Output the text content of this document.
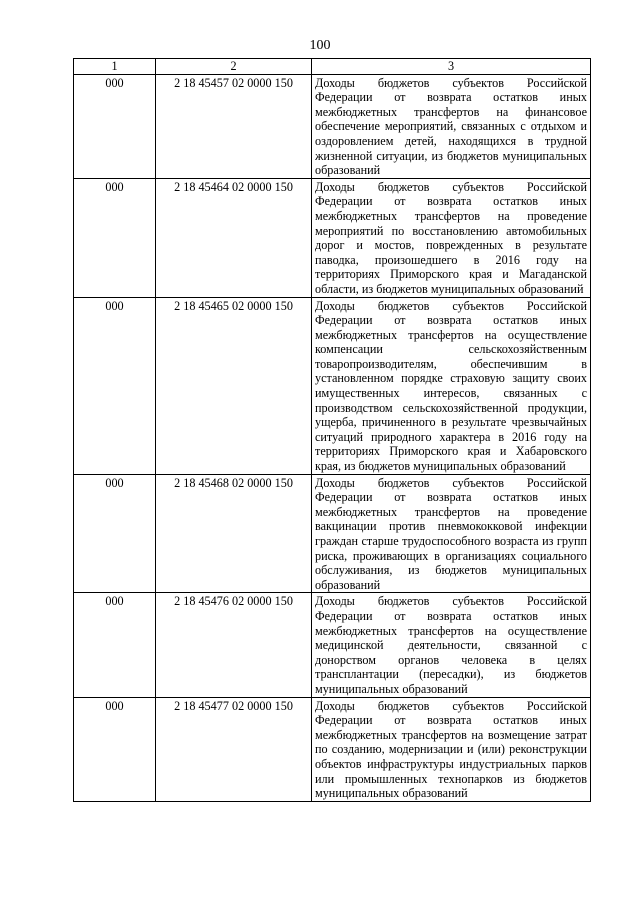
100
1	2	3
000	2 18 45457 02 0000 150	Доходы бюджетов субъектов Российской Федерации от возврата остатков иных межбюджетных трансфертов на финансовое обеспечение мероприятий, связанных с отдыхом и оздоровлением детей, находящихся в трудной жизненной ситуации, из бюджетов муниципальных образований
000	2 18 45464 02 0000 150	Доходы бюджетов субъектов Российской Федерации от возврата остатков иных межбюджетных трансфертов на проведение мероприятий по восстановлению автомобильных дорог и мостов, поврежденных в результате паводка, произошедшего в 2016 году на территориях Приморского края и Магаданской области, из бюджетов муниципальных образований
000	2 18 45465 02 0000 150	Доходы бюджетов субъектов Российской Федерации от возврата остатков иных межбюджетных трансфертов на осуществление компенсации сельскохозяйственным товаропроизводителям, обеспечившим в установленном порядке страховую защиту своих имущественных интересов, связанных с производством сельскохозяйственной продукции, ущерба, причиненного в результате чрезвычайных ситуаций природного характера в 2016 году на территориях Приморского края и Хабаровского края, из бюджетов муниципальных образований
000	2 18 45468 02 0000 150	Доходы бюджетов субъектов Российской Федерации от возврата остатков иных межбюджетных трансфертов на проведение вакцинации против пневмококковой инфекции граждан старше трудоспособного возраста из групп риска, проживающих в организациях социального обслуживания, из бюджетов муниципальных образований
000	2 18 45476 02 0000 150	Доходы бюджетов субъектов Российской Федерации от возврата остатков иных межбюджетных трансфертов на осуществление медицинской деятельности, связанной с донорством органов человека в целях трансплантации (пересадки), из бюджетов муниципальных образований
000	2 18 45477 02 0000 150	Доходы бюджетов субъектов Российской Федерации от возврата остатков иных межбюджетных трансфертов на возмещение затрат по созданию, модернизации и (или) реконструкции объектов инфраструктуры индустриальных парков или промышленных технопарков из бюджетов муниципальных образований
